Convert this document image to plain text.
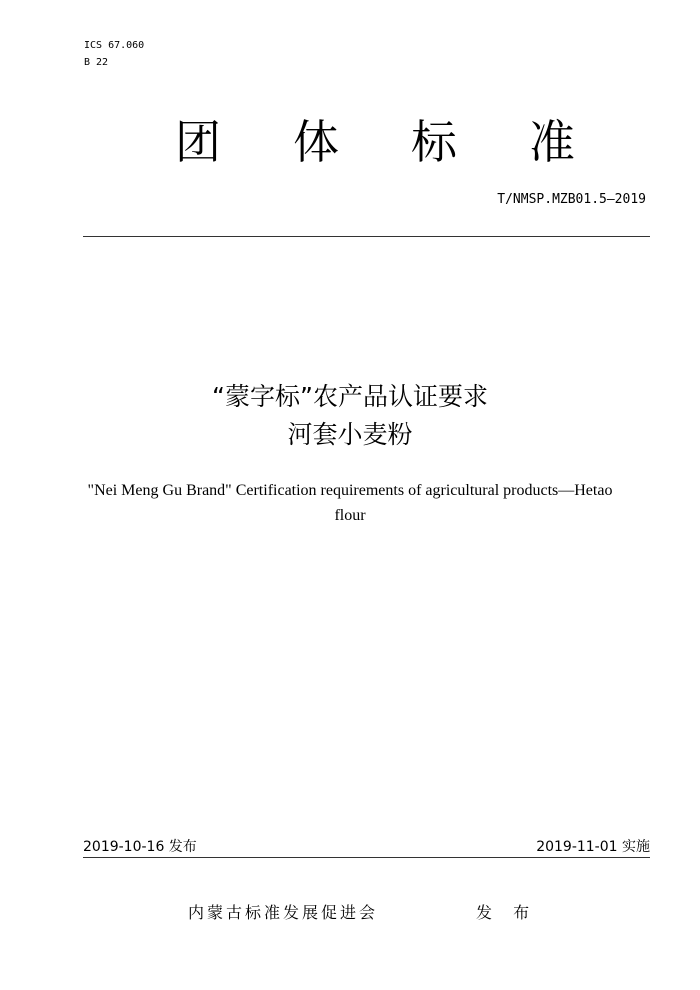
ICS 67.060
B 22
团 体 标 准
T/NMSP.MZB01.5—2019
“蒙字标”农产品认证要求
河套小麦粉
"Nei Meng Gu Brand" Certification requirements of agricultural products—Hetao flour
2019-10-16 发布	2019-11-01 实施
内蒙古标准发展促进会	发 布
